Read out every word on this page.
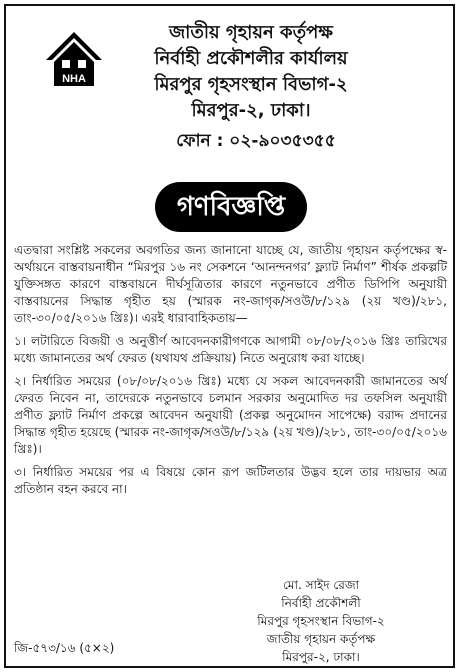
NHA
জাতীয় গৃহায়ন কর্তৃপক্ষ
নির্বাহী প্রকৌশলীর কার্যালয়
মিরপুর গৃহসংস্থান বিভাগ-২
মিরপুর-২, ঢাকা।
ফোন : ০২-৯০৩৫৩৫৫
গণবিজ্ঞপ্তি

এতদ্বারা সংশ্লিষ্ট সকলের অবগতির জন্য জানানো যাচ্ছে যে, জাতীয় গৃহায়ন কর্তৃপক্ষের স্ব-অর্থায়নে বাস্তবায়নাধীন “মিরপুর ১৬ নং সেকশনে ‘আনন্দনগর’ ফ্ল্যাট নির্মাণ” শীর্ষক প্রকল্পটি যুক্তিসঙ্গত কারণে বাস্তবায়নে দীর্ঘসূত্রিতার কারণে নতুনভাবে প্রণীত ডিপিপি অনুযায়ী বাস্তবায়নের সিদ্ধান্ত গৃহীত হয় (স্মারক নং-জাগৃক/সওউ/৮/১২৯ (২য় খণ্ড)/২৮১, তাং-৩০/০৫/২০১৬ খ্রিঃ)। এরই ধারাবাহিকতায়—

১। লটারিতে বিজয়ী ও অনুত্তীর্ণ আবেদনকারীগণকে আগামী ০৮/০৮/২০১৬ খ্রিঃ তারিখের মধ্যে জামানতের অর্থ ফেরত (যথাযথ প্রক্রিয়ায়) নিতে অনুরোধ করা যাচ্ছে।

২। নির্ধারিত সময়ের (০৮/০৮/২০১৬ খ্রিঃ) মধ্যে যে সকল আবেদনকারী জামানতের অর্থ ফেরত নিবেন না, তাদেরকে নতুনভাবে চলমান সরকার অনুমোদিত দর তফসিল অনুযায়ী প্রণীত ফ্ল্যাট নির্মাণ প্রকল্পে আবেদন অনুযায়ী (প্রকল্প অনুমোদন সাপেক্ষে) বরাদ্দ প্রদানের সিদ্ধান্ত গৃহীত হয়েছে (স্মারক নং-জাগৃক/সওউ/৮/১২৯ (২য় খণ্ড)/২৮১, তাং-৩০/০৫/২০১৬ খ্রিঃ)।

৩। নির্ধারিত সময়ের পর এ বিষয়ে কোন রূপ জটিলতার উদ্ভব হলে তার দায়ভার অত্র প্রতিষ্ঠান বহন করবে না।

মো. সাইদ রেজা
নির্বাহী প্রকৌশলী
মিরপুর গৃহসংস্থান বিভাগ-২
জাতীয় গৃহায়ন কর্তৃপক্ষ
মিরপুর-২, ঢাকা।
জি-৫৭৩/১৬ (৫×২)
